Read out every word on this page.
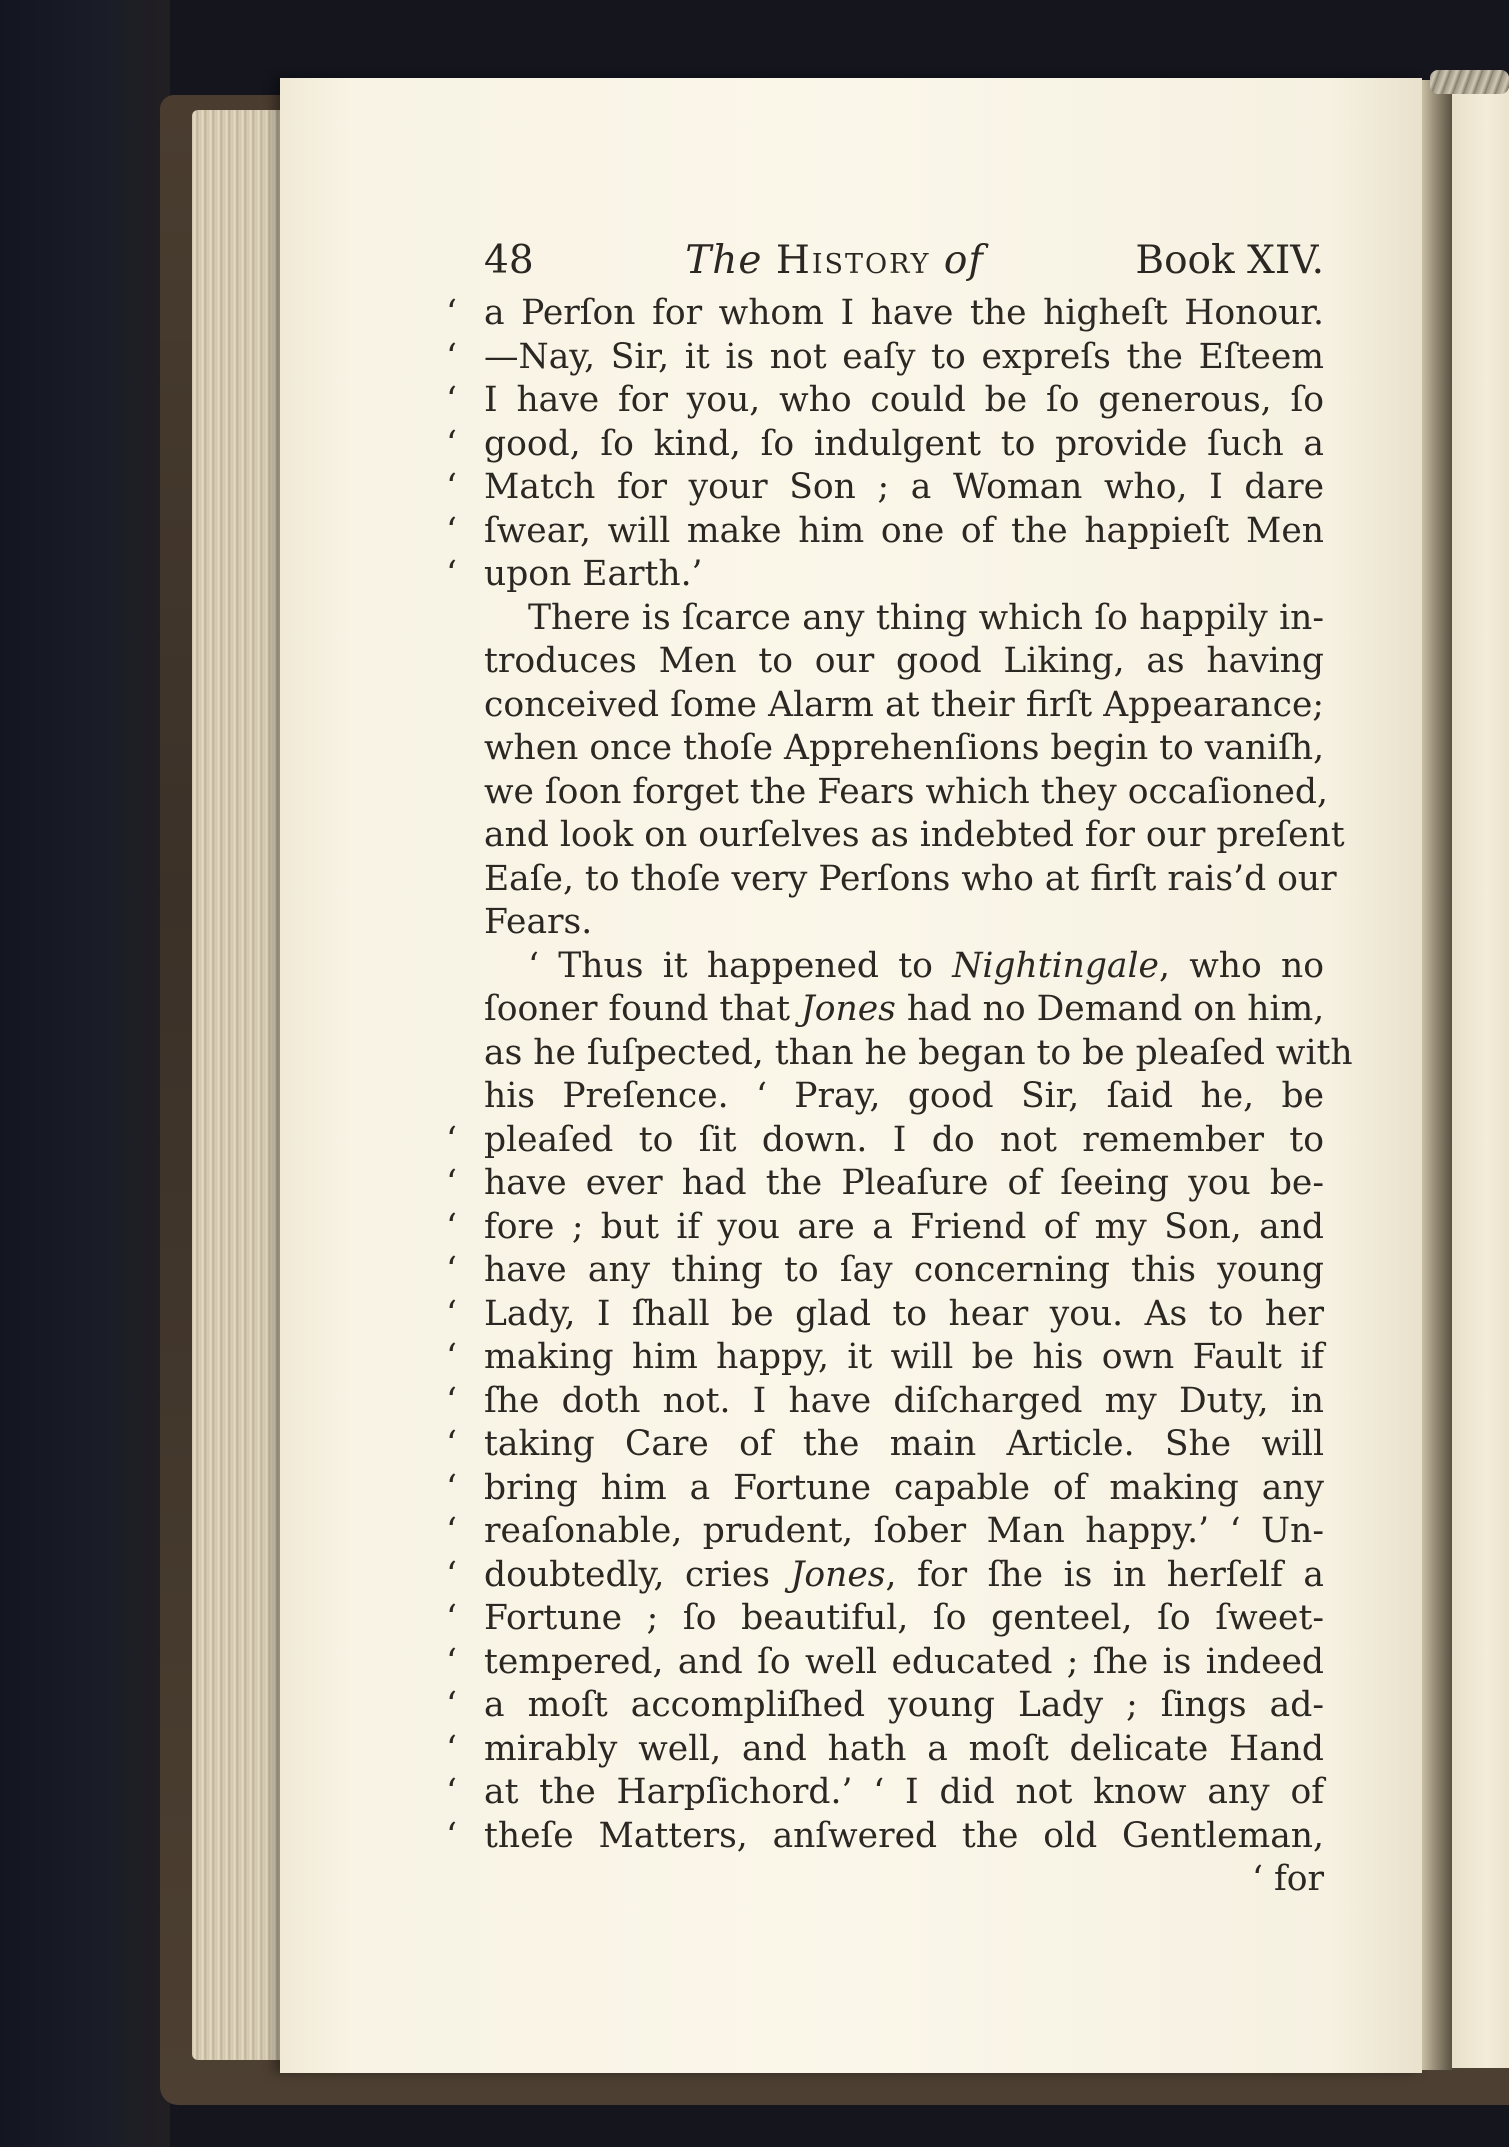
48	The History of	Book XIV.
‘ a Perſon for whom I have the higheſt Honour.
‘ —Nay, Sir, it is not eaſy to expreſs the Eſteem
‘ I have for you, who could be ſo generous, ſo
‘ good, ſo kind, ſo indulgent to provide ſuch a
‘ Match for your Son ; a Woman who, I dare
‘ ſwear, will make him one of the happieſt Men
‘ upon Earth.’
There is ſcarce any thing which ſo happily in-
troduces Men to our good Liking, as having
conceived ſome Alarm at their firſt Appearance;
when once thoſe Apprehenſions begin to vaniſh,
we ſoon forget the Fears which they occaſioned,
and look on ourſelves as indebted for our preſent
Eaſe, to thoſe very Perſons who at firſt rais’d our
Fears.
‘ Thus it happened to Nightingale, who no
ſooner found that Jones had no Demand on him,
as he ſuſpected, than he began to be pleaſed with
his Preſence. ‘ Pray, good Sir, ſaid he, be
‘ pleaſed to ſit down. I do not remember to
‘ have ever had the Pleaſure of ſeeing you be-
‘ fore ; but if you are a Friend of my Son, and
‘ have any thing to ſay concerning this young
‘ Lady, I ſhall be glad to hear you. As to her
‘ making him happy, it will be his own Fault if
‘ ſhe doth not. I have diſcharged my Duty, in
‘ taking Care of the main Article. She will
‘ bring him a Fortune capable of making any
‘ reaſonable, prudent, ſober Man happy.’ ‘ Un-
‘ doubtedly, cries Jones, for ſhe is in herſelf a
‘ Fortune ; ſo beautiful, ſo genteel, ſo ſweet-
‘ tempered, and ſo well educated ; ſhe is indeed
‘ a moſt accompliſhed young Lady ; ſings ad-
‘ mirably well, and hath a moſt delicate Hand
‘ at the Harpſichord.’ ‘ I did not know any of
‘ theſe Matters, anſwered the old Gentleman,
‘ for
